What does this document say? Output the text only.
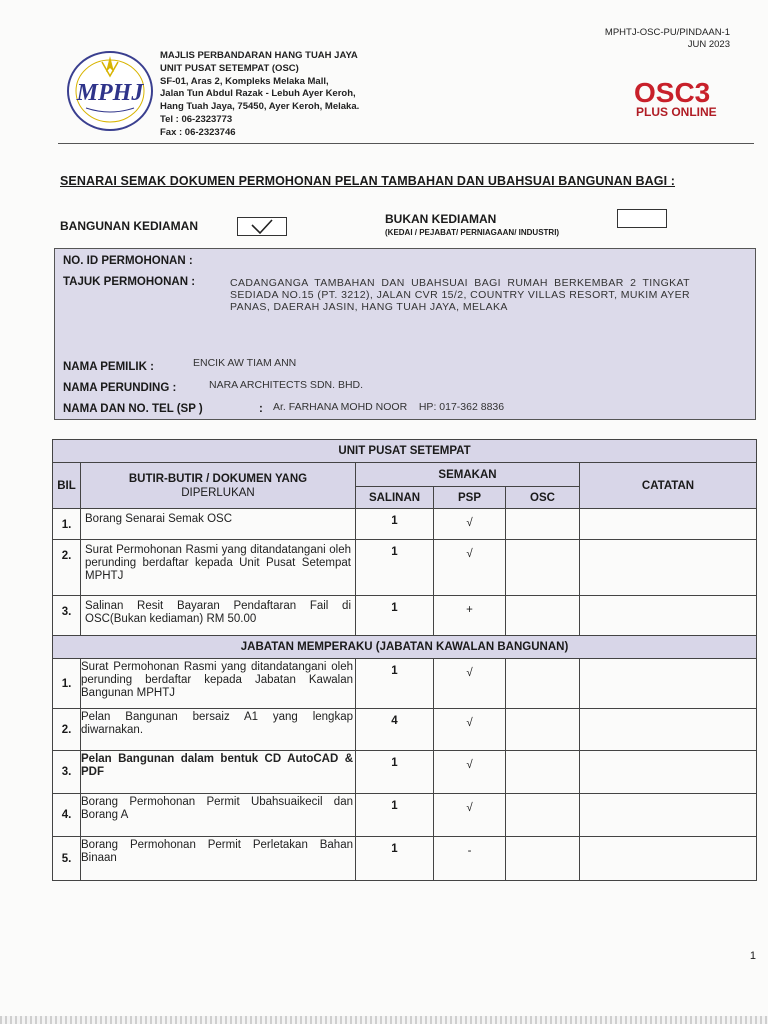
MPHTJ-OSC-PU/PINDAAN-1
JUN 2023
MPHJ
MAJLIS PERBANDARAN HANG TUAH JAYA
UNIT PUSAT SETEMPAT (OSC)
SF-01, Aras 2, Kompleks Melaka Mall,
Jalan Tun Abdul Razak - Lebuh Ayer Keroh,
Hang Tuah Jaya, 75450, Ayer Keroh, Melaka.
Tel : 06-2323773
Fax : 06-2323746
OSC3
PLUS ONLINE
SENARAI SEMAK DOKUMEN PERMOHONAN PELAN TAMBAHAN DAN UBAHSUAI BANGUNAN BAGI :
BANGUNAN KEDIAMAN	BUKAN KEDIAMAN
(KEDAI / PEJABAT/ PERNIAGAAN/ INDUSTRI)
NO. ID PERMOHONAN :
TAJUK PERMOHONAN :	CADANGANGA TAMBAHAN DAN UBAHSUAI BAGI RUMAH BERKEMBAR 2 TINGKAT SEDIADA NO.15 (PT. 3212), JALAN CVR 15/2, COUNTRY VILLAS RESORT, MUKIM AYER PANAS, DAERAH JASIN, HANG TUAH JAYA, MELAKA
NAMA PEMILIK :	ENCIK AW TIAM ANN
NAMA PERUNDING :	NARA ARCHITECTS SDN. BHD.
NAMA DAN NO. TEL (SP )	: Ar. FARHANA MOHD NOOR    HP: 017-362 8836
UNIT PUSAT SETEMPAT					
BIL	BUTIR-BUTIR / DOKUMEN YANG
DIPERLUKAN	SEMAKAN			CATATAN
		SALINAN	PSP	OSC	
1.	Borang Senarai Semak OSC	1	√		
2.	Surat Permohonan Rasmi yang ditandatangani oleh perunding berdaftar kepada Unit Pusat Setempat MPHTJ	1	√		
3.	Salinan Resit Bayaran Pendaftaran Fail di OSC(Bukan kediaman) RM 50.00	1	+		
JABATAN MEMPERAKU (JABATAN KAWALAN BANGUNAN)					
1.	Surat Permohonan Rasmi yang ditandatangani oleh perunding berdaftar kepada Jabatan Kawalan Bangunan MPHTJ	1	√		
2.	Pelan Bangunan bersaiz A1 yang lengkap diwarnakan.	4	√		
3.	Pelan Bangunan dalam bentuk CD AutoCAD & PDF	1	√		
4.	Borang Permohonan Permit Ubahsuaikecil dan Borang A	1	√		
5.	Borang Permohonan Permit Perletakan Bahan Binaan	1	-		
1
